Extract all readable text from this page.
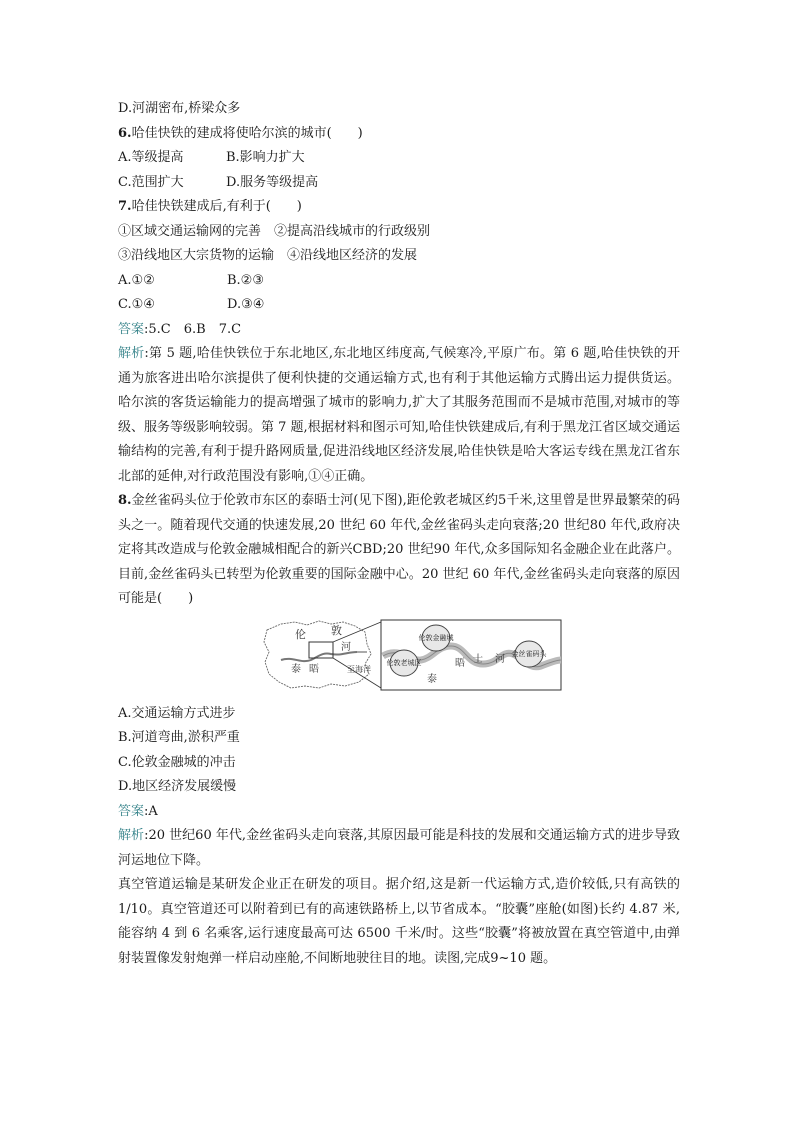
D.河湖密布,桥梁众多

6.哈佳快铁的建成将使哈尔滨的城市(　　)

A.等级提高	B.影响力扩大
C.范围扩大	D.服务等级提高

7.哈佳快铁建成后,有利于(　　)

①区域交通运输网的完善　②提高沿线城市的行政级别

③沿线地区大宗货物的运输　④沿线地区经济的发展

A.①②	B.②③
C.①④	D.③④

答案:5.C　6.B　7.C

解析:第 5 题,哈佳快铁位于东北地区,东北地区纬度高,气候寒冷,平原广布。第 6 题,哈佳快铁的开通为旅客进出哈尔滨提供了便利快捷的交通运输方式,也有利于其他运输方式腾出运力提供货运。哈尔滨的客货运输能力的提高增强了城市的影响力,扩大了其服务范围而不是城市范围,对城市的等级、服务等级影响较弱。第 7 题,根据材料和图示可知,哈佳快铁建成后,有利于黑龙江省区域交通运输结构的完善,有利于提升路网质量,促进沿线地区经济发展,哈佳快铁是哈大客运专线在黑龙江省东北部的延伸,对行政范围没有影响,①④正确。

8.金丝雀码头位于伦敦市东区的泰晤士河(见下图),距伦敦老城区约5千米,这里曾是世界最繁荣的码头之一。随着现代交通的快速发展,20 世纪 60 年代,金丝雀码头走向衰落;20 世纪80 年代,政府决定将其改造成与伦敦金融城相配合的新兴CBD;20 世纪90 年代,众多国际知名金融企业在此落户。目前,金丝雀码头已转型为伦敦重要的国际金融中心。20 世纪 60 年代,金丝雀码头走向衰落的原因可能是(　　)

伦 敦
泰 晤
河
至海洋
伦敦老城区
伦敦金融城
金丝雀码头
晤 士 河
泰

A.交通运输方式进步

B.河道弯曲,淤积严重

C.伦敦金融城的冲击

D.地区经济发展缓慢

答案:A

解析:20 世纪60 年代,金丝雀码头走向衰落,其原因最可能是科技的发展和交通运输方式的进步导致河运地位下降。

真空管道运输是某研发企业正在研发的项目。据介绍,这是新一代运输方式,造价较低,只有高铁的 1/10。真空管道还可以附着到已有的高速铁路桥上,以节省成本。“胶囊”座舱(如图)长约 4.87 米,能容纳 4 到 6 名乘客,运行速度最高可达 6500 千米/时。这些“胶囊”将被放置在真空管道中,由弹射装置像发射炮弹一样启动座舱,不间断地驶往目的地。读图,完成9~10 题。
